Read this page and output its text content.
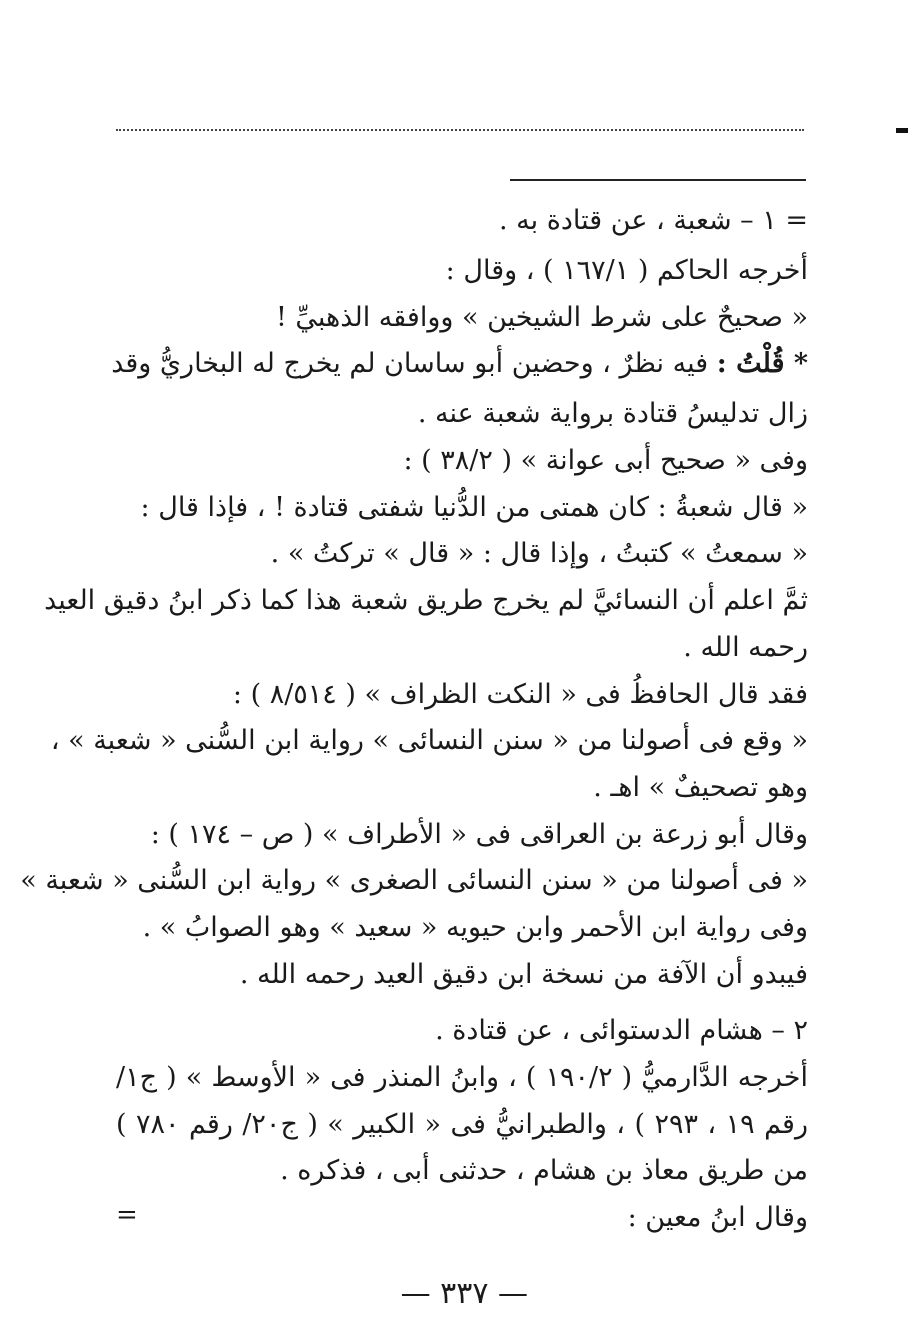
= ١ – شعبة ، عن قتادة به .
أخرجه الحاكم ( ١٦٧/١ ) ، وقال :
« صحيحٌ على شرط الشيخين » ووافقه الذهبيِّ !
* قُلْتُ : فيه نظرٌ ، وحضين أبو ساسان لم يخرج له البخاريُّ وقد
زال تدليسُ قتادة برواية شعبة عنه .
وفى « صحيح أبى عوانة » ( ٣٨/٢ ) :
« قال شعبةُ : كان همتى من الدُّنيا شفتى قتادة ! ، فإذا قال :
« سمعتُ » كتبتُ ، وإذا قال : « قال » تركتُ » .
ثمَّ اعلم أن النسائيَّ لم يخرج طريق شعبة هذا كما ذكر ابنُ دقيق العيد
رحمه الله .
فقد قال الحافظُ فى « النكت الظراف » ( ٨/٥١٤ ) :
« وقع فى أصولنا من « سنن النسائى » رواية ابن السُّنى « شعبة » ،
وهو تصحيفٌ » اهـ .
وقال أبو زرعة بن العراقى فى « الأطراف » ( ص – ١٧٤ ) :
« فى أصولنا من « سنن النسائى الصغرى » رواية ابن السُّنى « شعبة »
وفى رواية ابن الأحمر وابن حيويه « سعيد » وهو الصوابُ » .
فيبدو أن الآفة من نسخة ابن دقيق العيد رحمه الله .
٢ – هشام الدستوائى ، عن قتادة .
أخرجه الدَّارميُّ ( ١٩٠/٢ ) ، وابنُ المنذر فى « الأوسط » ( ج١/
رقم ١٩ ، ٢٩٣ ) ، والطبرانيُّ فى « الكبير » ( ج٢٠/ رقم ٧٨٠ )
من طريق معاذ بن هشام ، حدثنى أبى ، فذكره .
وقال ابنُ معين :
=
— ٣٣٧ —
